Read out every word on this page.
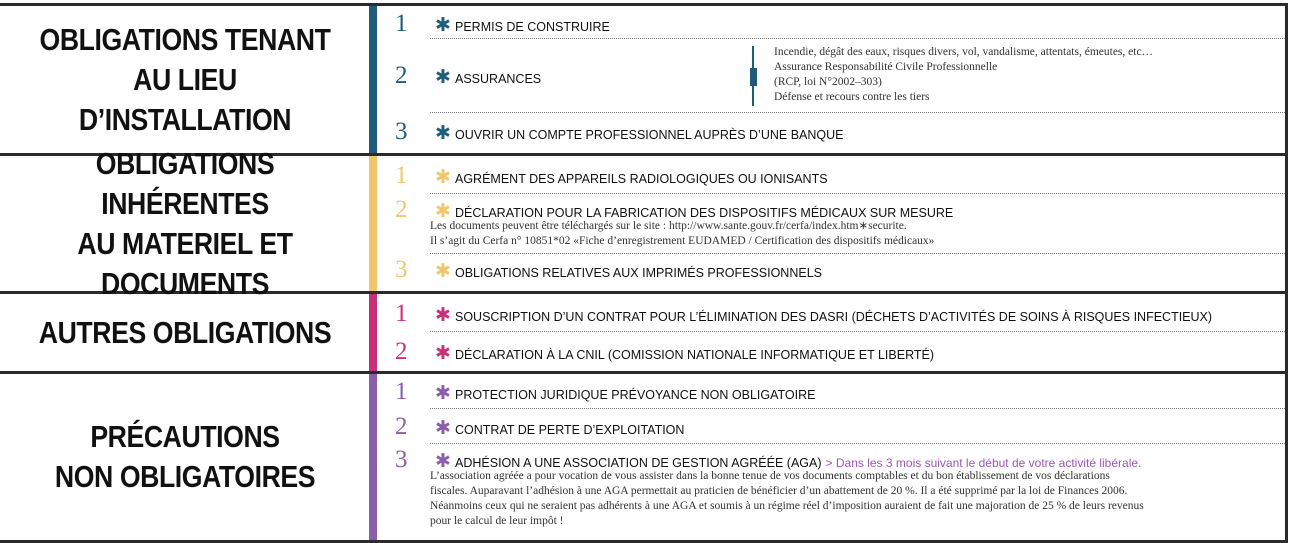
OBLIGATIONS TENANT
AU LIEU D’INSTALLATION
1	✱ PERMIS DE CONSTRUIRE
2	✱ ASSURANCES
Incendie, dégât des eaux, risques divers, vol, vandalisme, attentats, émeutes, etc…
Assurance Responsabilité Civile Professionnelle
(RCP, loi N°2002–303)
Défense et recours contre les tiers
3	✱ OUVRIR UN COMPTE PROFESSIONNEL AUPRÈS D’UNE BANQUE
OBLIGATIONS INHÉRENTES
AU MATERIEL ET DOCUMENTS
1	✱ AGRÉMENT DES APPAREILS RADIOLOGIQUES OU IONISANTS
2	✱ DÉCLARATION POUR LA FABRICATION DES DISPOSITIFS MÉDICAUX SUR MESURE
Les documents peuvent être téléchargés sur le site : http://www.sante.gouv.fr/cerfa/index.htm∗securite.
Il s’agit du Cerfa n° 10851*02 «Fiche d’enregistrement EUDAMED / Certification des dispositifs médicaux»
3	✱ OBLIGATIONS RELATIVES AUX IMPRIMÉS PROFESSIONNELS
AUTRES OBLIGATIONS
1	✱ SOUSCRIPTION D’UN CONTRAT POUR L’ÉLIMINATION DES DASRI (DÉCHETS D’ACTIVITÉS DE SOINS À RISQUES INFECTIEUX)
2	✱ DÉCLARATION À LA CNIL (COMISSION NATIONALE INFORMATIQUE ET LIBERTÉ)
PRÉCAUTIONS
NON OBLIGATOIRES
1	✱ PROTECTION JURIDIQUE PRÉVOYANCE NON OBLIGATOIRE
2	✱ CONTRAT DE PERTE D’EXPLOITATION
3	✱ ADHÉSION A UNE ASSOCIATION DE GESTION AGRÉÉE (AGA) > Dans les 3 mois suivant le début de votre activité libérale.
L’association agréée a pour vocation de vous assister dans la bonne tenue de vos documents comptables et du bon établissement de vos déclarations
fiscales. Auparavant l’adhésion à une AGA permettait au praticien de bénéficier d’un abattement de 20 %. Il a été supprimé par la loi de Finances 2006.
Néanmoins ceux qui ne seraient pas adhérents à une AGA et soumis à un régime réel d’imposition auraient de fait une majoration de 25 % de leurs revenus
pour le calcul de leur impôt !
